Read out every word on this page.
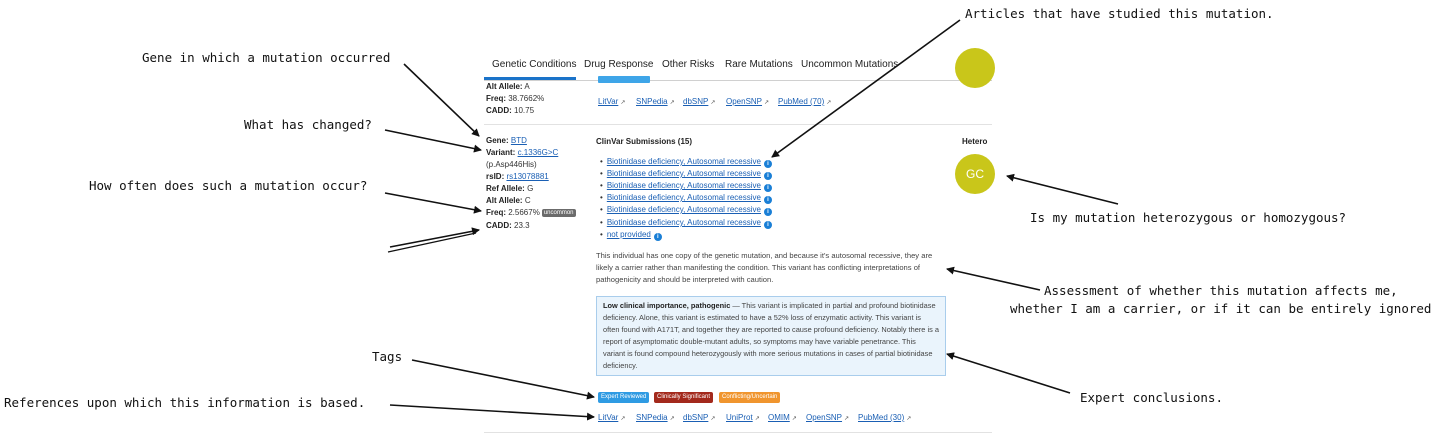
Genetic Conditions Drug Response Other Risks Rare Mutations Uncommon Mutations
Alt Allele: A
Freq: 38.7662%
CADD: 10.75
LitVar ↗ SNPedia ↗ dbSNP ↗ OpenSNP ↗ PubMed (70) ↗
Gene: BTD
Variant: c.1336G>C
(p.Asp446His)
rsID: rs13078881
Ref Allele: G
Alt Allele: C
Freq: 2.5667% uncommon
CADD: 23.3
ClinVar Submissions (15)	Hetero
GC
• Biotinidase deficiency, Autosomal recessive i
• Biotinidase deficiency, Autosomal recessive i
• Biotinidase deficiency, Autosomal recessive i
• Biotinidase deficiency, Autosomal recessive i
• Biotinidase deficiency, Autosomal recessive i
• Biotinidase deficiency, Autosomal recessive i
• not provided i
This individual has one copy of the genetic mutation, and because it's autosomal recessive, they are likely a carrier rather than manifesting the condition. This variant has conflicting interpretations of pathogenicity and should be interpreted with caution.
Low clinical importance, pathogenic — This variant is implicated in partial and profound biotinidase deficiency. Alone, this variant is estimated to have a 52% loss of enzymatic activity. This variant is often found with A171T, and together they are reported to cause profound deficiency. Notably there is a report of asymptomatic double-mutant adults, so symptoms may have variable penetrance. This variant is found compound heterozygously with more serious mutations in cases of partial biotinidase deficiency.
Expert Reviewed	Clinically Significant	Conflicting/Uncertain
LitVar ↗ SNPedia ↗ dbSNP ↗ UniProt ↗ OMIM ↗ OpenSNP ↗ PubMed (30) ↗
Gene in which a mutation occurred
What has changed?
How often does such a mutation occur?
Tags
References upon which this information is based.
Articles that have studied this mutation.
Is my mutation heterozygous or homozygous?
Assessment of whether this mutation affects me,
whether I am a carrier, or if it can be entirely ignored
Expert conclusions.
